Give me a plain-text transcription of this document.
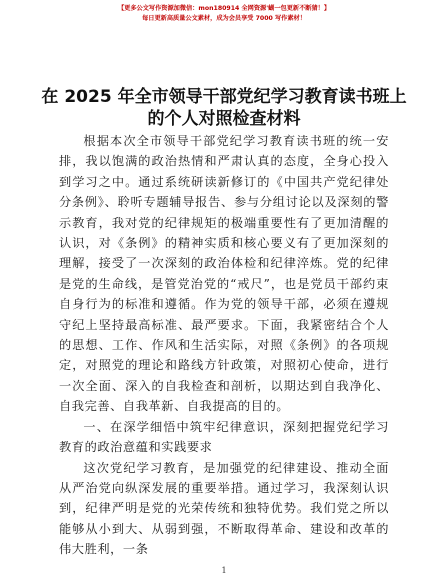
【更多公文写作资源加微信：mon180914 全网资源'蝴一包更新不断猜！】
每日更新高质量公文素材，成为会员享受 7000 写作素材！
在 2025 年全市领导干部党纪学习教育读书班上
的个人对照检查材料

根据本次全市领导干部党纪学习教育读书班的统一安排，我以饱满的政治热情和严肃认真的态度，全身心投入到学习之中。通过系统研读新修订的《中国共产党纪律处分条例》、聆听专题辅导报告、参与分组讨论以及深刻的警示教育，我对党的纪律规矩的极端重要性有了更加清醒的认识，对《条例》的精神实质和核心要义有了更加深刻的理解，接受了一次深刻的政治体检和纪律淬炼。党的纪律是党的生命线，是管党治党的“戒尺”，也是党员干部约束自身行为的标准和遵循。作为党的领导干部，必须在遵规守纪上坚持最高标准、最严要求。下面，我紧密结合个人的思想、工作、作风和生活实际，对照《条例》的各项规定，对照党的理论和路线方针政策，对照初心使命，进行一次全面、深入的自我检查和剖析，以期达到自我净化、自我完善、自我革新、自我提高的目的。

一、在深学细悟中筑牢纪律意识，深刻把握党纪学习教育的政治意蕴和实践要求

这次党纪学习教育，是加强党的纪律建设、推动全面从严治党向纵深发展的重要举措。通过学习，我深刻认识到，纪律严明是党的光荣传统和独特优势。我们党之所以能够从小到大、从弱到强，不断取得革命、建设和改革的伟大胜利，一条

1
